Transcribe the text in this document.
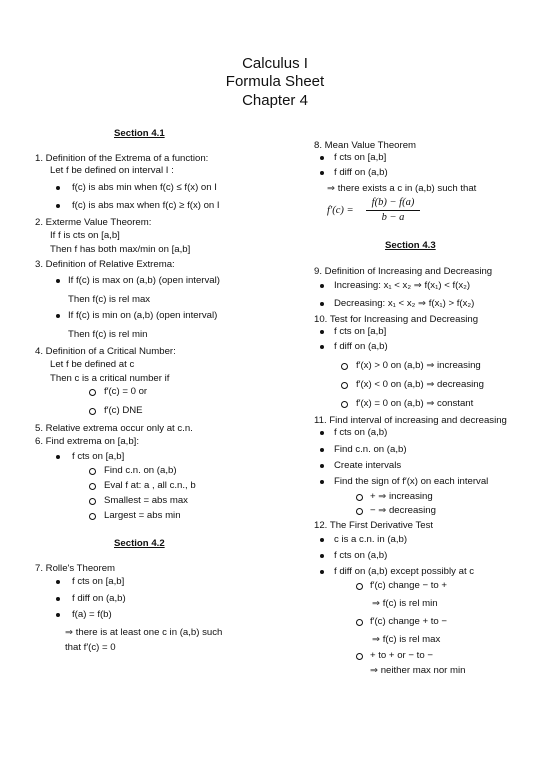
Calculus I
Formula Sheet
Chapter 4
Section 4.1
1. Definition of the Extrema of a function:
Let f be defined on interval I :
f(c) is abs min when f(c) ≤ f(x) on I
f(c) is abs max when f(c) ≥ f(x) on I
2. Exterme Value Theorem:
If f is cts on [a,b]
Then f has both max/min on [a,b]
3. Definition of Relative Extrema:
If f(c) is max on (a,b) (open interval)
Then f(c) is rel max
If f(c) is min on (a,b) (open interval)
Then f(c) is rel min
4. Definition of a Critical Number:
Let f be defined at c
Then c is a critical number if
f′(c) = 0 or
f′(c) DNE
5. Relative extrema occur only at c.n.
6. Find extrema on [a,b]:
f cts on [a,b]
Find c.n. on (a,b)
Eval f at: a , all c.n., b
Smallest = abs max
Largest = abs min
Section 4.2
7. Rolle's Theorem
f cts on [a,b]
f diff on (a,b)
f(a) = f(b)
⇒ there is at least one c in (a,b) such
that f′(c) = 0
8. Mean Value Theorem
f cts on [a,b]
f diff on (a,b)
⇒ there exists a c in (a,b) such that
f′(c) =
f(b) − f(a)
b − a
Section 4.3
9. Definition of Increasing and Decreasing
Increasing: x₁ < x₂ ⇒ f(x₁) < f(x₂)
Decreasing: x₁ < x₂ ⇒ f(x₁) > f(x₂)
10. Test for Increasing and Decreasing
f cts on [a,b]
f diff on (a,b)
f′(x) > 0 on (a,b) ⇒ increasing
f′(x) < 0 on (a,b) ⇒ decreasing
f′(x) = 0 on (a,b) ⇒ constant
11. Find interval of increasing and decreasing
f cts on (a,b)
Find c.n. on (a,b)
Create intervals
Find the sign of f′(x) on each interval
+ ⇒ increasing
− ⇒ decreasing
12. The First Derivative Test
c is a c.n. in (a,b)
f cts on (a,b)
f diff on (a,b) except possibly at c
f′(c) change − to +
⇒ f(c) is rel min
f′(c) change + to −
⇒ f(c) is rel max
+ to + or − to −
⇒ neither max nor min
